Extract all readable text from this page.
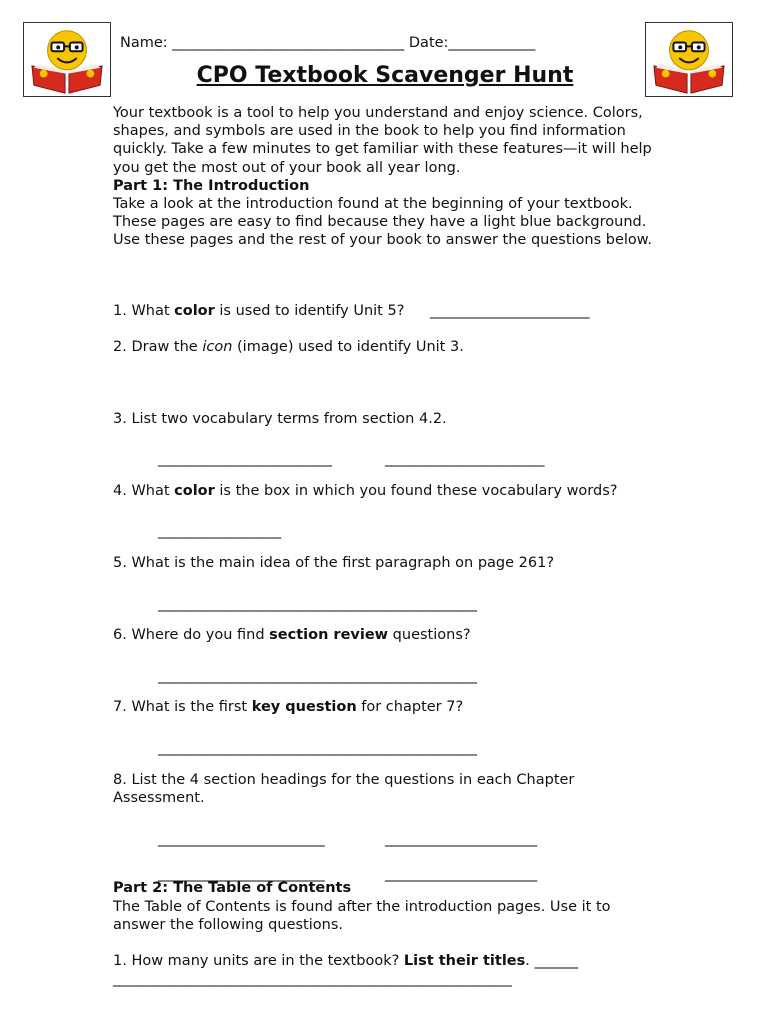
Name: ________________________________ Date:____________
CPO Textbook Scavenger Hunt

Your textbook is a tool to help you understand and enjoy science. Colors, shapes, and symbols are used in the book to help you find information quickly. Take a few minutes to get familiar with these features—it will help

you get the most out of your book all year long.

Part 1: The Introduction

Take a look at the introduction found at the beginning of your textbook. These pages are easy to find because they have a light blue background. Use these pages and the rest of your book to answer the questions below.

1. What color is used to identify Unit 5? ______________________
2. Draw the icon (image) used to identify Unit 3.
3. List two vocabulary terms from section 4.2.
________________________	______________________
4. What color is the box in which you found these vocabulary words?
_________________
5. What is the main idea of the first paragraph on page 261?
____________________________________________
6. Where do you find section review questions?
____________________________________________
7. What is the first key question for chapter 7?
____________________________________________
8. List the 4 section headings for the questions in each Chapter
Assessment.
_______________________	_____________________
_______________________	_____________________
Part 2: The Table of Contents
The Table of Contents is found after the introduction pages. Use it to answer the following questions.
1. How many units are in the textbook? List their titles. ______
_______________________________________________________
